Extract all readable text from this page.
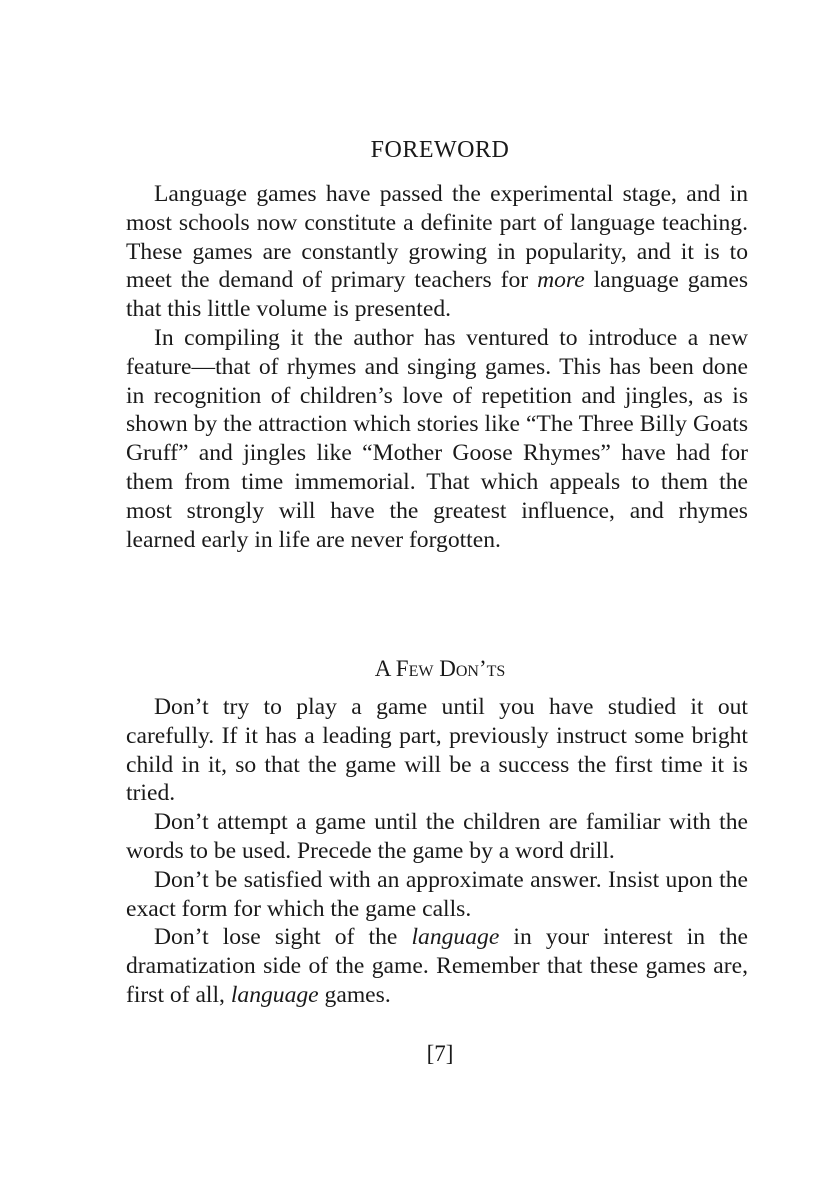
FOREWORD

Language games have passed the experimental stage, and in most schools now constitute a definite part of language teaching. These games are constantly growing in popularity, and it is to meet the demand of primary teachers for more language games that this little volume is presented.

In compiling it the author has ventured to introduce a new feature—that of rhymes and singing games. This has been done in recognition of children’s love of repetition and jingles, as is shown by the attraction which stories like “The Three Billy Goats Gruff” and jingles like “Mother Goose Rhymes” have had for them from time immemorial. That which appeals to them the most strongly will have the greatest influence, and rhymes learned early in life are never forgotten.

A Few Don’ts

Don’t try to play a game until you have studied it out carefully. If it has a leading part, previously instruct some bright child in it, so that the game will be a success the first time it is tried.

Don’t attempt a game until the children are familiar with the words to be used. Precede the game by a word drill.

Don’t be satisfied with an approximate answer. Insist upon the exact form for which the game calls.

Don’t lose sight of the language in your interest in the dramatization side of the game. Remember that these games are, first of all, language games.

[7]
